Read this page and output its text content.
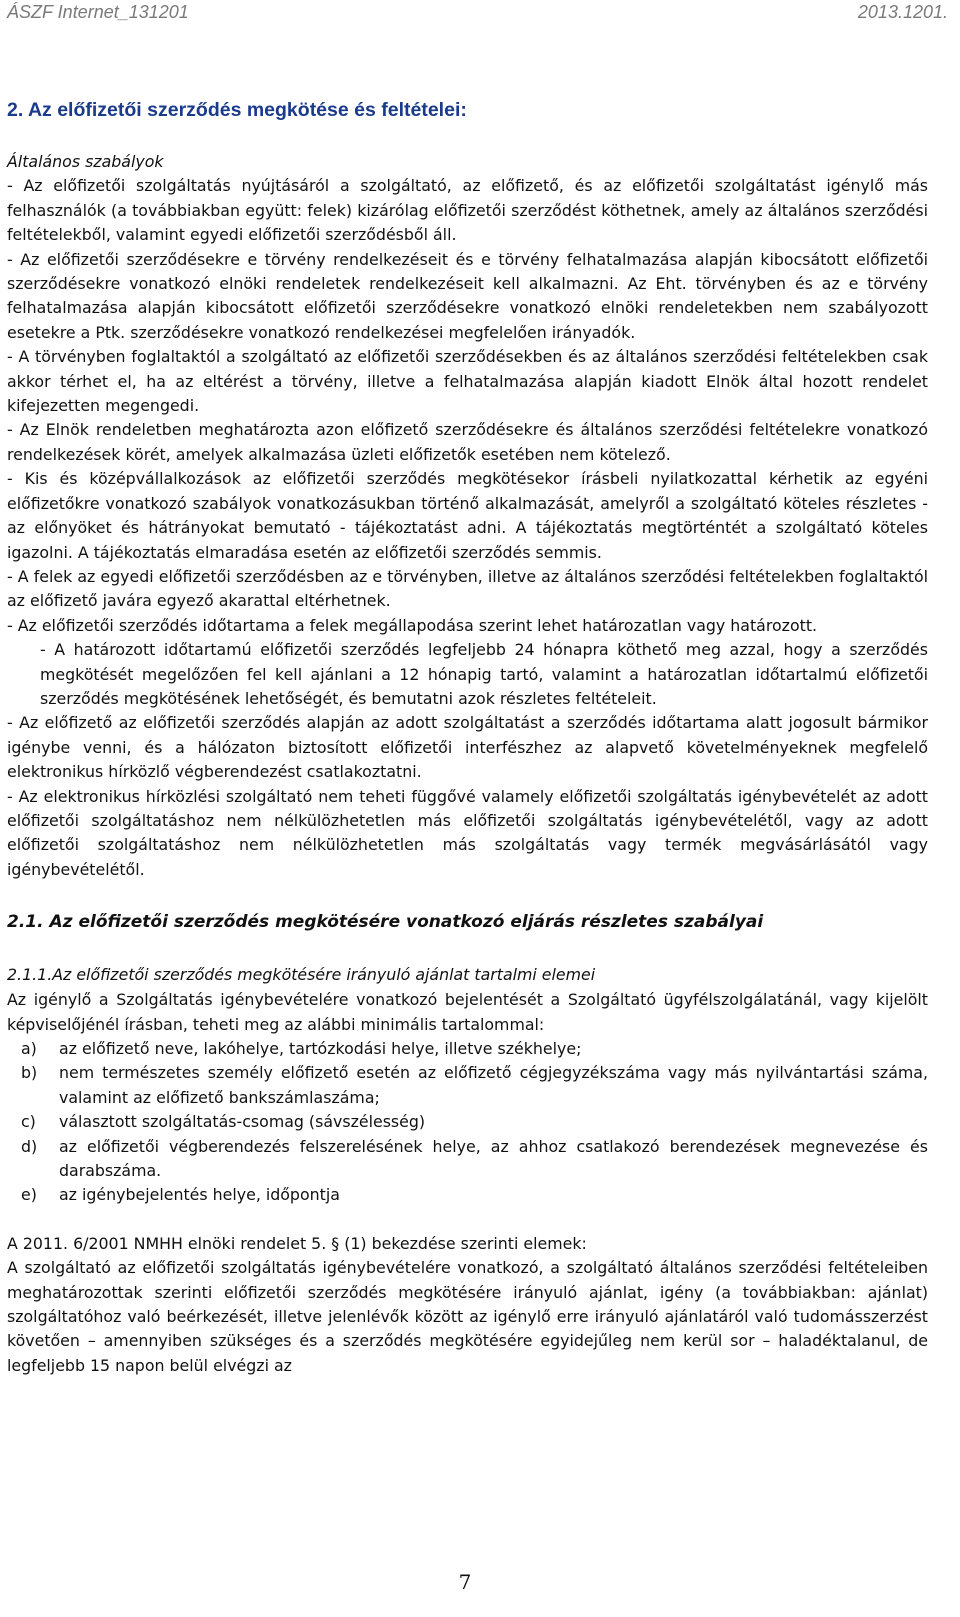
ÁSZF Internet_131201	2013.1201.
2. Az előfizetői szerződés megkötése és feltételei:

Általános szabályok

- Az előfizetői szolgáltatás nyújtásáról a szolgáltató, az előfizető, és az előfizetői szolgáltatást igénylő más felhasználók (a továbbiakban együtt: felek) kizárólag előfizetői szerződést köthetnek, amely az általános szerződési feltételekből, valamint egyedi előfizetői szerződésből áll.

- Az előfizetői szerződésekre e törvény rendelkezéseit és e törvény felhatalmazása alapján kibocsátott előfizetői szerződésekre vonatkozó elnöki rendeletek rendelkezéseit kell alkalmazni. Az Eht. törvényben és az e törvény felhatalmazása alapján kibocsátott előfizetői szerződésekre vonatkozó elnöki rendeletekben nem szabályozott esetekre a Ptk. szerződésekre vonatkozó rendelkezései megfelelően irányadók.

- A törvényben foglaltaktól a szolgáltató az előfizetői szerződésekben és az általános szerződési feltételekben csak akkor térhet el, ha az eltérést a törvény, illetve a felhatalmazása alapján kiadott Elnök által hozott rendelet kifejezetten megengedi.

- Az Elnök rendeletben meghatározta azon előfizető szerződésekre és általános szerződési feltételekre vonatkozó rendelkezések körét, amelyek alkalmazása üzleti előfizetők esetében nem kötelező.

- Kis és középvállalkozások az előfizetői szerződés megkötésekor írásbeli nyilatkozattal kérhetik az egyéni előfizetőkre vonatkozó szabályok vonatkozásukban történő alkalmazását, amelyről a szolgáltató köteles részletes - az előnyöket és hátrányokat bemutató - tájékoztatást adni. A tájékoztatás megtörténtét a szolgáltató köteles igazolni. A tájékoztatás elmaradása esetén az előfizetői szerződés semmis.

- A felek az egyedi előfizetői szerződésben az e törvényben, illetve az általános szerződési feltételekben foglaltaktól az előfizető javára egyező akarattal eltérhetnek.

- Az előfizetői szerződés időtartama a felek megállapodása szerint lehet határozatlan vagy határozott.

- A határozott időtartamú előfizetői szerződés legfeljebb 24 hónapra köthető meg azzal, hogy a szerződés megkötését megelőzően fel kell ajánlani a 12 hónapig tartó, valamint a határozatlan időtartalmú előfizetői szerződés megkötésének lehetőségét, és bemutatni azok részletes feltételeit.

- Az előfizető az előfizetői szerződés alapján az adott szolgáltatást a szerződés időtartama alatt jogosult bármikor igénybe venni, és a hálózaton biztosított előfizetői interfészhez az alapvető követelményeknek megfelelő elektronikus hírközlő végberendezést csatlakoztatni.

- Az elektronikus hírközlési szolgáltató nem teheti függővé valamely előfizetői szolgáltatás igénybevételét az adott előfizetői szolgáltatáshoz nem nélkülözhetetlen más előfizetői szolgáltatás igénybevételétől, vagy az adott előfizetői szolgáltatáshoz nem nélkülözhetetlen más szolgáltatás vagy termék megvásárlásától vagy igénybevételétől.

2.1. Az előfizetői szerződés megkötésére vonatkozó eljárás részletes szabályai
2.1.1.Az előfizetői szerződés megkötésére irányuló ajánlat tartalmi elemei

Az igénylő a Szolgáltatás igénybevételére vonatkozó bejelentését a Szolgáltató ügyfélszolgálatánál, vagy kijelölt képviselőjénél írásban, teheti meg az alábbi minimális tartalommal:

a)	az előfizető neve, lakóhelye, tartózkodási helye, illetve székhelye;
b)	nem természetes személy előfizető esetén az előfizető cégjegyzékszáma vagy más nyilvántartási száma, valamint az előfizető bankszámlaszáma;
c)	választott szolgáltatás-csomag (sávszélesség)
d)	az előfizetői végberendezés felszerelésének helye, az ahhoz csatlakozó berendezések megnevezése és darabszáma.
e)	az igénybejelentés helye, időpontja

A 2011. 6/2001 NMHH elnöki rendelet 5. § (1) bekezdése szerinti elemek:

A szolgáltató az előfizetői szolgáltatás igénybevételére vonatkozó, a szolgáltató általános szerződési feltételeiben meghatározottak szerinti előfizetői szerződés megkötésére irányuló ajánlat, igény (a továbbiakban: ajánlat) szolgáltatóhoz való beérkezését, illetve jelenlévők között az igénylő erre irányuló ajánlatáról való tudomásszerzést követően – amennyiben szükséges és a szerződés megkötésére egyidejűleg nem kerül sor – haladéktalanul, de legfeljebb 15 napon belül elvégzi az

7
